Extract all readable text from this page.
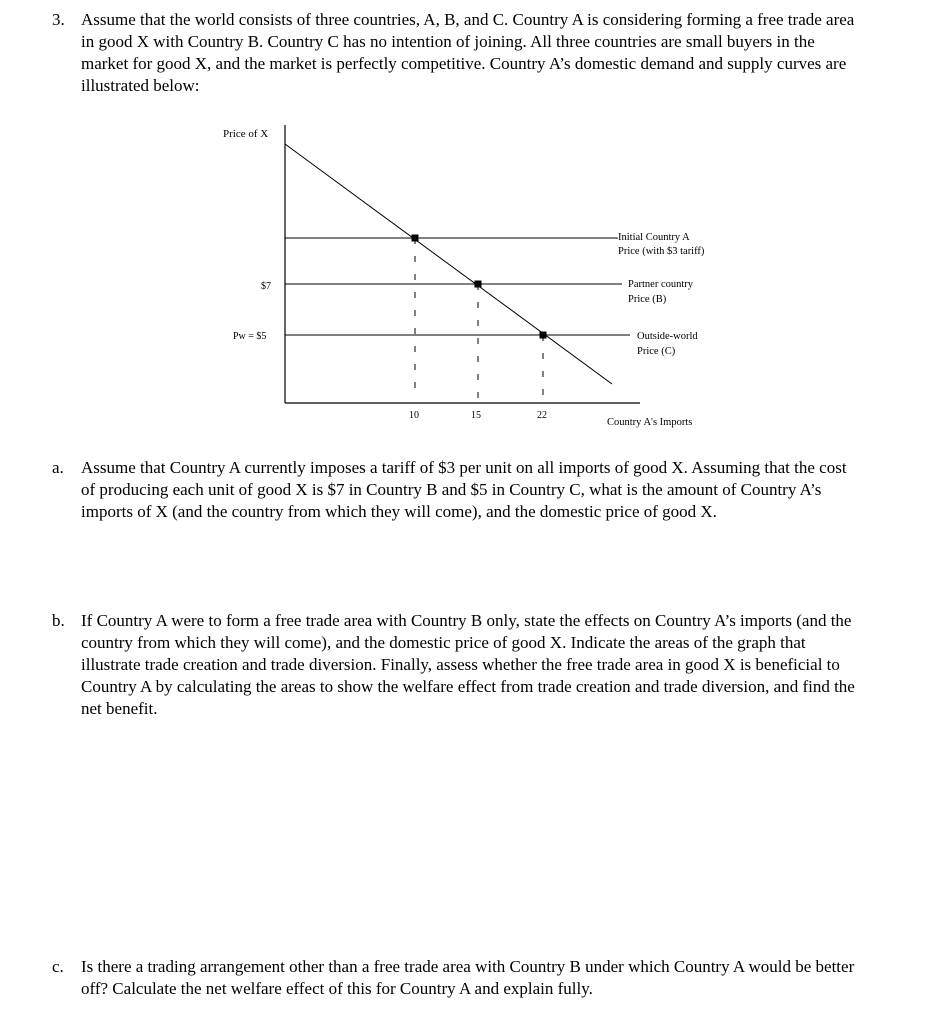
3. Assume that the world consists of three countries, A, B, and C. Country A is considering forming a free trade area
in good X with Country B. Country C has no intention of joining. All three countries are small buyers in the
market for good X, and the market is perfectly competitive. Country A’s domestic demand and supply curves are
illustrated below:
Price of X
$7
Pw = $5
10	15	22
Initial Country A Price (with $3 tariff)
Partner country Price (B)
Outside-world Price (C)
Country A's Imports
a. Assume that Country A currently imposes a tariff of $3 per unit on all imports of good X. Assuming that the cost
of producing each unit of good X is $7 in Country B and $5 in Country C, what is the amount of Country A’s
imports of X (and the country from which they will come), and the domestic price of good X.
b. If Country A were to form a free trade area with Country B only, state the effects on Country A’s imports (and the
country from which they will come), and the domestic price of good X. Indicate the areas of the graph that
illustrate trade creation and trade diversion. Finally, assess whether the free trade area in good X is beneficial to
Country A by calculating the areas to show the welfare effect from trade creation and trade diversion, and find the
net benefit.
c. Is there a trading arrangement other than a free trade area with Country B under which Country A would be better
off? Calculate the net welfare effect of this for Country A and explain fully.
